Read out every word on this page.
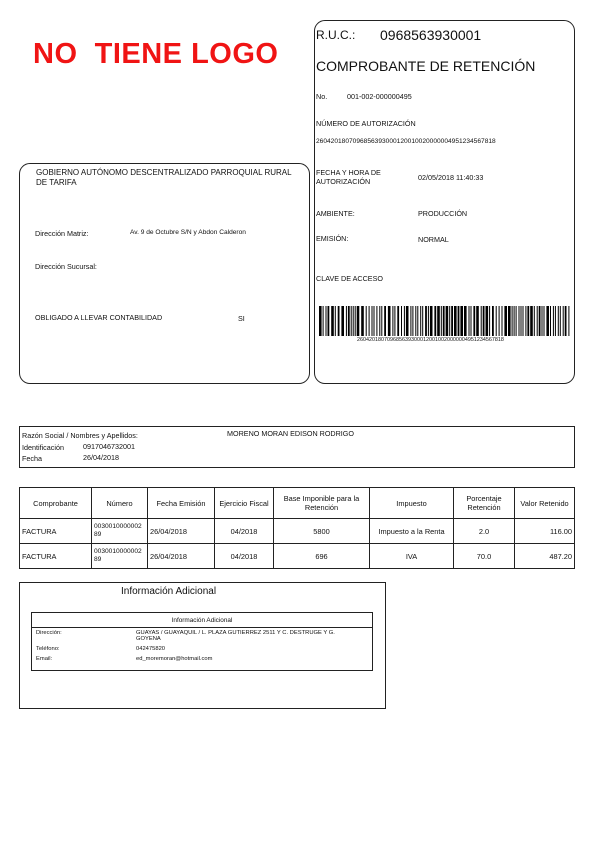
NO  TIENE LOGO
GOBIERNO AUTÓNOMO DESCENTRALIZADO PARROQUIAL RURAL DE TARIFA
Dirección Matriz:	Av. 9 de Octubre S/N y Abdon Calderon
Dirección Sucursal:
OBLIGADO A LLEVAR CONTABILIDAD	SI
R.U.C.: 0968563930001
COMPROBANTE DE RETENCIÓN
No.	001-002-000000495
NÚMERO DE AUTORIZACIÓN
2604201807096856393000120010020000004951234567818
FECHA Y HORA DE AUTORIZACIÓN	02/05/2018 11:40:33
AMBIENTE:	PRODUCCIÓN
EMISIÓN:	NORMAL
CLAVE DE ACCESO
2604201807096856393000120010020000004951234567818
Razón Social / Nombres y Apellidos:	MORENO MORAN EDISON RODRIGO
Identificación	0917046732001
Fecha	26/04/2018
Comprobante	Número	Fecha Emisión	Ejercicio Fiscal	Base Imponible para la Retención	Impuesto	Porcentaje Retención	Valor Retenido
FACTURA	003001000000289	26/04/2018	04/2018	5800	Impuesto a la Renta	2.0	116.00
FACTURA	003001000000289	26/04/2018	04/2018	696	IVA	70.0	487.20
Información Adicional
Información Adicional	
Dirección:	GUAYAS / GUAYAQUIL / L. PLAZA GUTIERREZ 2511 Y C. DESTRUGE Y G. GOYENA
Teléfono:	042475820
Email:	ed_moremoran@hotmail.com
